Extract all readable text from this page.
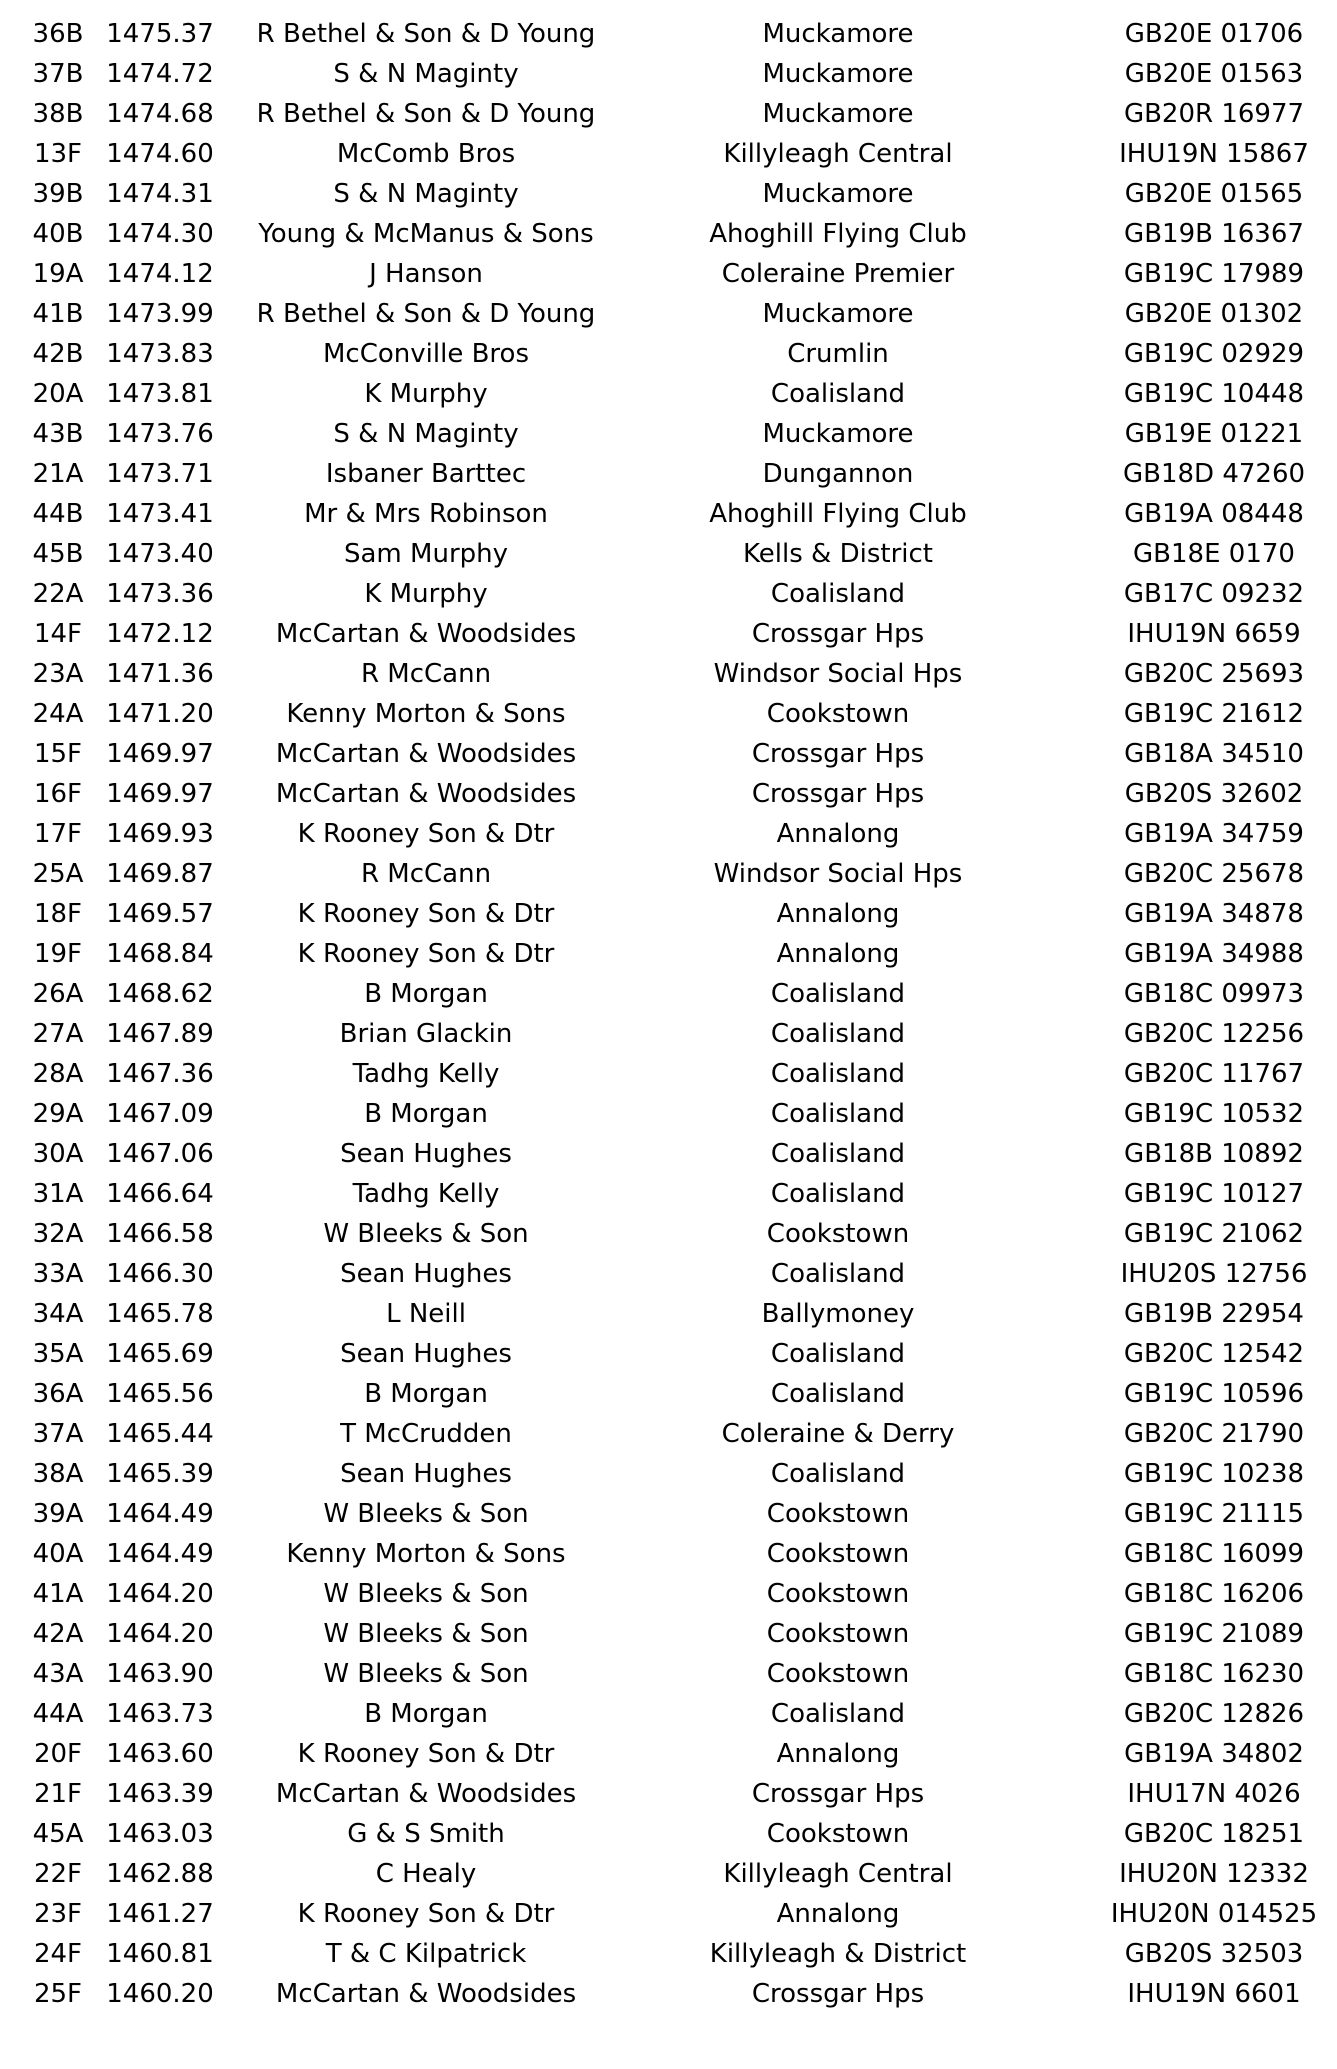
36B 1475.37 R Bethel & Son & D Young	Muckamore	GB20E 01706
37B 1474.72	S & N Maginty	Muckamore	GB20E 01563
38B 1474.68 R Bethel & Son & D Young	Muckamore	GB20R 16977
13F 1474.60	McComb Bros	Killyleagh Central	IHU19N 15867
39B 1474.31	S & N Maginty	Muckamore	GB20E 01565
40B 1474.30 Young & McManus & Sons	Ahoghill Flying Club	GB19B 16367
19A 1474.12	J Hanson	Coleraine Premier	GB19C 17989
41B 1473.99 R Bethel & Son & D Young	Muckamore	GB20E 01302
42B 1473.83	McConville Bros	Crumlin	GB19C 02929
20A 1473.81	K Murphy	Coalisland	GB19C 10448
43B 1473.76	S & N Maginty	Muckamore	GB19E 01221
21A 1473.71	Isbaner Barttec	Dungannon	GB18D 47260
44B 1473.41	Mr & Mrs Robinson	Ahoghill Flying Club	GB19A 08448
45B 1473.40	Sam Murphy	Kells & District	GB18E 0170
22A 1473.36	K Murphy	Coalisland	GB17C 09232
14F 1472.12 McCartan & Woodsides	Crossgar Hps	IHU19N 6659
23A 1471.36	R McCann	Windsor Social Hps	GB20C 25693
24A 1471.20	Kenny Morton & Sons	Cookstown	GB19C 21612
15F 1469.97 McCartan & Woodsides	Crossgar Hps	GB18A 34510
16F 1469.97 McCartan & Woodsides	Crossgar Hps	GB20S 32602
17F 1469.93	K Rooney Son & Dtr	Annalong	GB19A 34759
25A 1469.87	R McCann	Windsor Social Hps	GB20C 25678
18F 1469.57	K Rooney Son & Dtr	Annalong	GB19A 34878
19F 1468.84	K Rooney Son & Dtr	Annalong	GB19A 34988
26A 1468.62	B Morgan	Coalisland	GB18C 09973
27A 1467.89	Brian Glackin	Coalisland	GB20C 12256
28A 1467.36	Tadhg Kelly	Coalisland	GB20C 11767
29A 1467.09	B Morgan	Coalisland	GB19C 10532
30A 1467.06	Sean Hughes	Coalisland	GB18B 10892
31A 1466.64	Tadhg Kelly	Coalisland	GB19C 10127
32A 1466.58	W Bleeks & Son	Cookstown	GB19C 21062
33A 1466.30	Sean Hughes	Coalisland	IHU20S 12756
34A 1465.78	L Neill	Ballymoney	GB19B 22954
35A 1465.69	Sean Hughes	Coalisland	GB20C 12542
36A 1465.56	B Morgan	Coalisland	GB19C 10596
37A 1465.44	T McCrudden	Coleraine & Derry	GB20C 21790
38A 1465.39	Sean Hughes	Coalisland	GB19C 10238
39A 1464.49	W Bleeks & Son	Cookstown	GB19C 21115
40A 1464.49	Kenny Morton & Sons	Cookstown	GB18C 16099
41A 1464.20	W Bleeks & Son	Cookstown	GB18C 16206
42A 1464.20	W Bleeks & Son	Cookstown	GB19C 21089
43A 1463.90	W Bleeks & Son	Cookstown	GB18C 16230
44A 1463.73	B Morgan	Coalisland	GB20C 12826
20F 1463.60	K Rooney Son & Dtr	Annalong	GB19A 34802
21F 1463.39 McCartan & Woodsides	Crossgar Hps	IHU17N 4026
45A 1463.03	G & S Smith	Cookstown	GB20C 18251
22F 1462.88	C Healy	Killyleagh Central	IHU20N 12332
23F 1461.27	K Rooney Son & Dtr	Annalong	IHU20N 014525
24F 1460.81	T & C Kilpatrick	Killyleagh & District	GB20S 32503
25F 1460.20 McCartan & Woodsides	Crossgar Hps	IHU19N 6601
